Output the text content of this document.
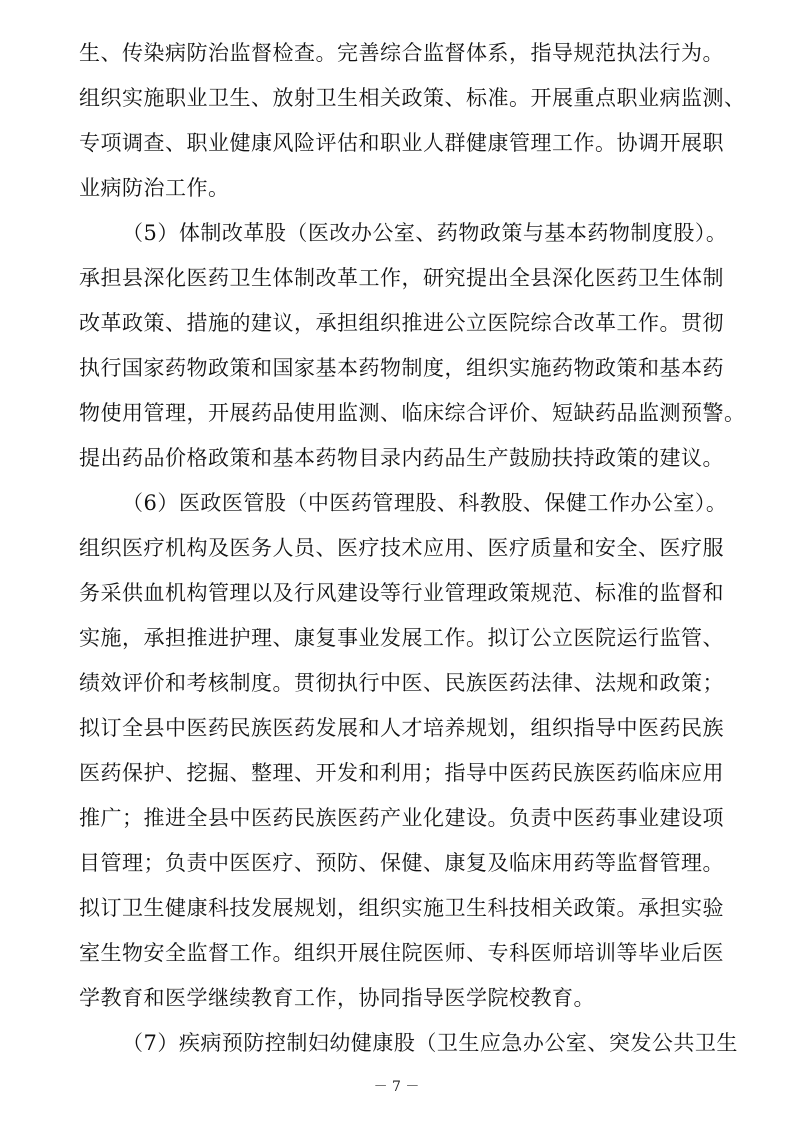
生、传染病防治监督检查。完善综合监督体系，指导规范执法行为。
组织实施职业卫生、放射卫生相关政策、标准。开展重点职业病监测、
专项调查、职业健康风险评估和职业人群健康管理工作。协调开展职
业病防治工作。
（5）体制改革股（医改办公室、药物政策与基本药物制度股）。
承担县深化医药卫生体制改革工作，研究提出全县深化医药卫生体制
改革政策、措施的建议，承担组织推进公立医院综合改革工作。贯彻
执行国家药物政策和国家基本药物制度，组织实施药物政策和基本药
物使用管理，开展药品使用监测、临床综合评价、短缺药品监测预警。
提出药品价格政策和基本药物目录内药品生产鼓励扶持政策的建议。
（6）医政医管股（中医药管理股、科教股、保健工作办公室）。
组织医疗机构及医务人员、医疗技术应用、医疗质量和安全、医疗服
务采供血机构管理以及行风建设等行业管理政策规范、标准的监督和
实施，承担推进护理、康复事业发展工作。拟订公立医院运行监管、
绩效评价和考核制度。贯彻执行中医、民族医药法律、法规和政策；
拟订全县中医药民族医药发展和人才培养规划，组织指导中医药民族
医药保护、挖掘、整理、开发和利用；指导中医药民族医药临床应用
推广；推进全县中医药民族医药产业化建设。负责中医药事业建设项
目管理；负责中医医疗、预防、保健、康复及临床用药等监督管理。
拟订卫生健康科技发展规划，组织实施卫生科技相关政策。承担实验
室生物安全监督工作。组织开展住院医师、专科医师培训等毕业后医
学教育和医学继续教育工作，协同指导医学院校教育。
（7）疾病预防控制妇幼健康股（卫生应急办公室、突发公共卫生
－ 7 －
